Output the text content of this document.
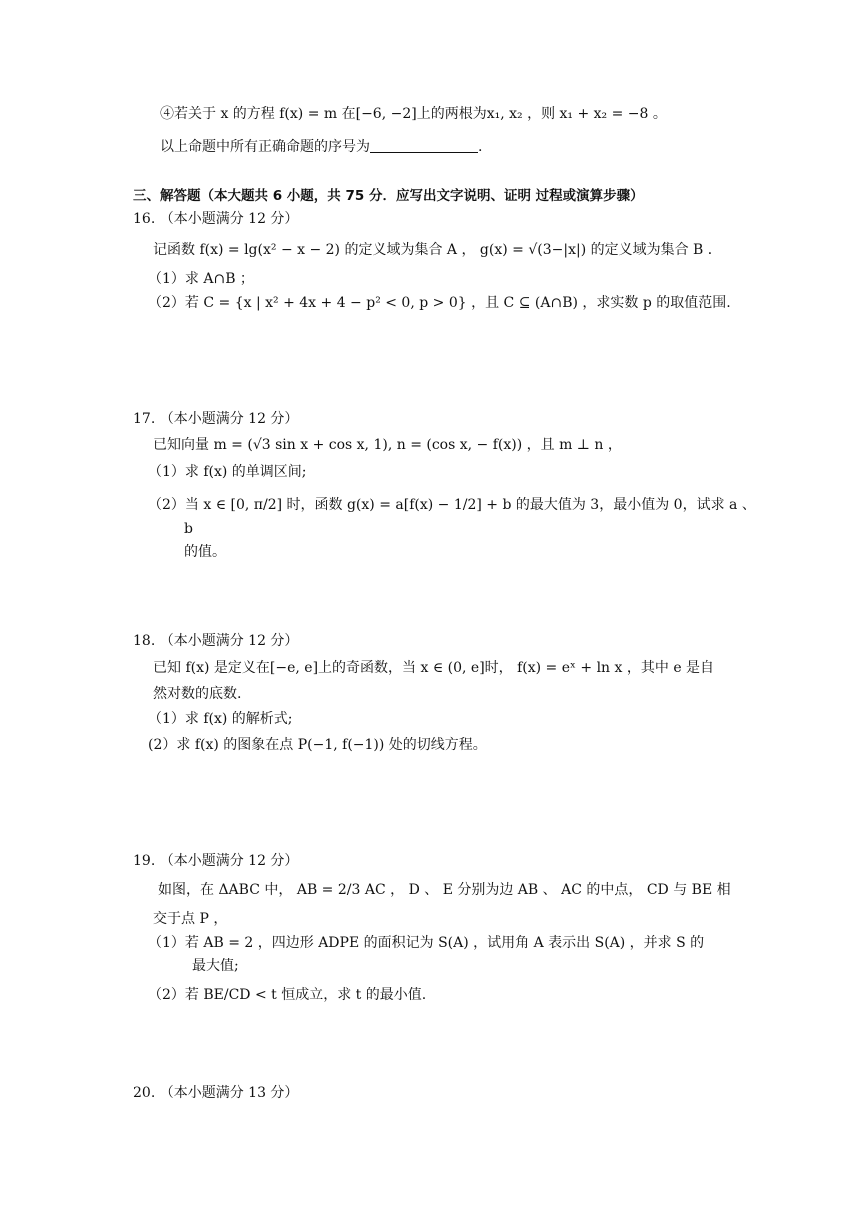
④若关于 x 的方程 f(x) = m 在[−6, −2]上的两根为x₁, x₂ ，则 x₁ + x₂ = −8 。
以上命题中所有正确命题的序号为	.
三、解答题（本大题共 6 小题，共 75 分．应写出文字说明、证明 过程或演算步骤）
16. （本小题满分 12 分）
记函数 f(x) = lg(x² − x − 2) 的定义域为集合 A ， g(x) = √(3−|x|) 的定义域为集合 B ．
（1）求 A∩B ；
（2）若 C = {x | x² + 4x + 4 − p² < 0, p > 0} ，且 C ⊆ (A∩B) ，求实数 p 的取值范围.
17. （本小题满分 12 分）
已知向量 m = (√3 sin x + cos x, 1), n = (cos x, − f(x)) ，且 m ⊥ n ，
（1）求 f(x) 的单调区间;
（2）当 x ∈ [0, π/2] 时，函数 g(x) = a[f(x) − 1/2] + b 的最大值为 3，最小值为 0，试求 a 、
b
的值。
18. （本小题满分 12 分）
已知 f(x) 是定义在[−e, e]上的奇函数，当 x ∈ (0, e]时， f(x) = eˣ + ln x ，其中 e 是自
然对数的底数.
（1）求 f(x) 的解析式;
(2）求 f(x) 的图象在点 P(−1, f(−1)) 处的切线方程。
19. （本小题满分 12 分）
如图，在 ΔABC 中， AB = 2/3 AC ， D 、 E 分别为边 AB 、 AC 的中点， CD 与 BE 相
交于点 P ，
（1）若 AB = 2 ，四边形 ADPE 的面积记为 S(A) ，试用角 A 表示出 S(A) ，并求 S 的
最大值;
（2）若 BE/CD < t 恒成立，求 t 的最小值.
20. （本小题满分 13 分）
